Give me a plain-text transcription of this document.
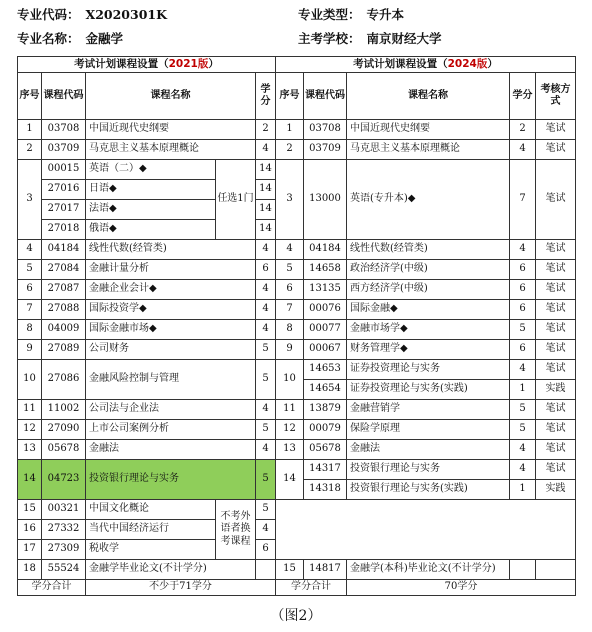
专业代码： X2020301K	专业类型： 专升本
专业名称： 金融学	主考学校： 南京财经大学
考试计划课程设置（2021版）					考试计划课程设置（2024版）				
序号	课程代码	课程名称		学分	序号	课程代码	课程名称	学分	考核方式
1	03708	中国近现代史纲要		2	1	03708	中国近现代史纲要	2	笔试
2	03709	马克思主义基本原理概论		4	2	03709	马克思主义基本原理概论	4	笔试
3	00015	英语（二）◆	任选1门	14	3	13000	英语(专升本)◆	7	笔试
	27016	日语◆		14					
	27017	法语◆		14					
	27018	俄语◆		14					
4	04184	线性代数(经管类)		4	4	04184	线性代数(经管类)	4	笔试
5	27084	金融计量分析		6	5	14658	政治经济学(中级)	6	笔试
6	27087	金融企业会计◆		4	6	13135	西方经济学(中级)	6	笔试
7	27088	国际投资学◆		4	7	00076	国际金融◆	6	笔试
8	04009	国际金融市场◆		4	8	00077	金融市场学◆	5	笔试
9	27089	公司财务		5	9	00067	财务管理学◆	6	笔试
10	27086	金融风险控制与管理		5	10	14653	证券投资理论与实务	4	笔试
						14654	证券投资理论与实务(实践)	1	实践
11	11002	公司法与企业法		4	11	13879	金融营销学	5	笔试
12	27090	上市公司案例分析		5	12	00079	保险学原理	5	笔试
13	05678	金融法		4	13	05678	金融法	4	笔试
14	04723	投资银行理论与实务		5	14	14317	投资银行理论与实务	4	笔试
						14318	投资银行理论与实务(实践)	1	实践
15	00321	中国文化概论	不考外语者换考课程	5					
16	27332	当代中国经济运行		4					
17	27309	税收学		6					
18	55524	金融学毕业论文(不计学分)			15	14817	金融学(本科)毕业论文(不计学分)		
学分合计		不少于71学分			学分合计		70学分		
（图2）
